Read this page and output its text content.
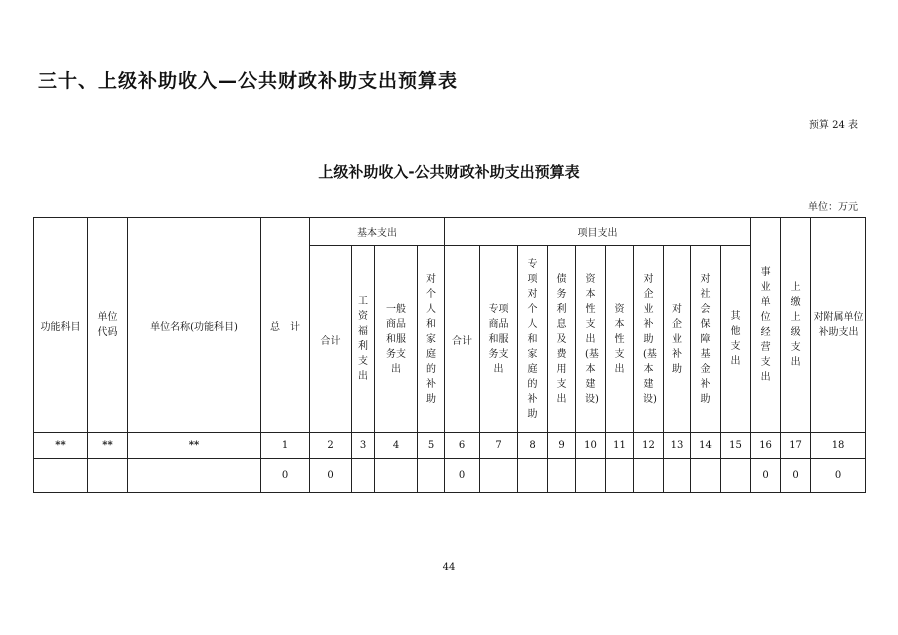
三十、上级补助收入—公共财政补助支出预算表
预算 24 表
上级补助收入-公共财政补助支出预算表
单位：万元
功能科目	单位代码	单位名称(功能科目)	总　计	基本支出				项目支出										事业单位经营支出	上缴上级支出	对附属单位补助支出
				合计	工资福利支出	一般商品和服务支出	对个人和家庭的补助	合计	专项商品和服务支出	专项对个人和家庭的补助	债务利息及费用支出	资本性支出(基本建设)	资本性支出	对企业补助(基本建设)	对企业补助	对社会保障基金补助	其他支出			
**	**	**	1	2	3	4	5	6	7	8	9	10	11	12	13	14	15	16	17	18
			0	0				0										0	0	0
44
